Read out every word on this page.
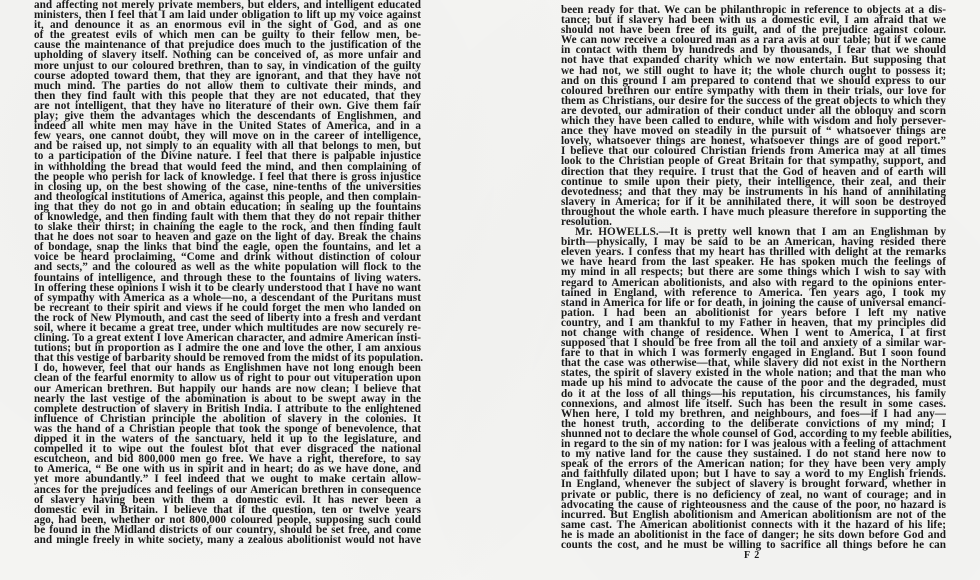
and affecting not merely private members, but elders, and intelligent educated
ministers, then I feel that I am laid under obligation to lift up my voice against
it, and denounce it as an enormous evil in the sight of God, and as one
of the greatest evils of which men can be guilty to their fellow men, be-
cause the maintenance of that prejudice does much to the justification of the
upholding of slavery itself. Nothing can be conceived of, as more unfair and
more unjust to our coloured brethren, than to say, in vindication of the guilty
course adopted toward them, that they are ignorant, and that they have not
much mind. The parties do not allow them to cultivate their minds, and
then they find fault with this people that they are not educated, that they
are not intelligent, that they have no literature of their own. Give them fair
play; give them the advantages which the descendants of Englishmen, and
indeed all white men may have in the United States of America, and in a
few years, one cannot doubt, they will move on in the career of intelligence,
and be raised up, not simply to an equality with all that belongs to men, but
to a participation of the Divine nature. I feel that there is palpable injustice
in withholding the bread that would feed the mind, and then complaining of
the people who perish for lack of knowledge. I feel that there is gross injustice
in closing up, on the best showing of the case, nine-tenths of the universities
and theological institutions of America, against this people, and then complain-
ing that they do not go in and obtain education; in sealing up the fountains
of knowledge, and then finding fault with them that they do not repair thither
to slake their thirst; in chaining the eagle to the rock, and then finding fault
that he does not soar to heaven and gaze on the light of day. Break the chains
of bondage, snap the links that bind the eagle, open the fountains, and let a
voice be heard proclaiming, “Come and drink without distinction of colour
and sects,” and the coloured as well as the white population will flock to the
fountains of intelligence, and through these to the fountains of living waters.
In offering these opinions I wish it to be clearly understood that I have no want
of sympathy with America as a whole—no, a descendant of the Puritans must
be recreant to their spirit and views if he could forget the men who landed on
the rock of New Plymouth, and cast the seed of liberty into a fresh and verdant
soil, where it became a great tree, under which multitudes are now securely re-
clining. To a great extent I love American character, and admire American insti-
tutions; but in proportion as I admire the one and love the other, I am anxious
that this vestige of barbarity should be removed from the midst of its population.
I do, however, feel that our hands as Englishmen have not long enough been
clean of the fearful enormity to allow us of right to pour out vituperation upon
our American brethren. But happily our hands are now clean; I believe that
nearly the last vestige of the abomination is about to be swept away in the
complete destruction of slavery in British India. I attribute to the enlightened
influence of Christian principle the abolition of slavery in the colonies. It
was the hand of a Christian people that took the sponge of benevolence, that
dipped it in the waters of the sanctuary, held it up to the legislature, and
compelled it to wipe out the foulest blot that ever disgraced the national
escutcheon, and bid 800,000 men go free. We have a right, therefore, to say
to America, “ Be one with us in spirit and in heart; do as we have done, and
yet more abundantly.” I feel indeed that we ought to make certain allow-
ances for the prejudices and feelings of our American brethren in consequence
of slavery having been with them a domestic evil. It has never been a
domestic evil in Britain. I believe that if the question, ten or twelve years
ago, had been, whether or not 800,000 coloured people, supposing such could
be found in the Midland districts of our country, should be set free, and come
and mingle freely in white society, many a zealous abolitionist would not have
been ready for that. We can be philanthropic in reference to objects at a dis-
tance; but if slavery had been with us a domestic evil, I am afraid that we
should not have been free of its guilt, and of the prejudice against colour.
We can now receive a coloured man as a rara avis at our table; but if we came
in contact with them by hundreds and by thousands, I fear that we should
not have that expanded charity which we now entertain. But supposing that
we had not, we still ought to have it; the whole church ought to possess it;
and on this ground I am prepared to contend that we should express to our
coloured brethren our entire sympathy with them in their trials, our love for
them as Christians, our desire for the success of the great objects to which they
are devoted, our admiration of their conduct under all the obloquy and scorn
which they have been called to endure, while with wisdom and holy persever-
ance they have moved on steadily in the pursuit of “ whatsoever things are
lovely, whatsoever things are honest, whatsoever things are of good report.”
I believe that our coloured Christian friends from America may at all times
look to the Christian people of Great Britain for that sympathy, support, and
direction that they require. I trust that the God of heaven and of earth will
continue to smile upon their piety, their intelligence, their zeal, and their
devotedness; and that they may be instruments in his hand of annihilating
slavery in America; for if it be annihilated there, it will soon be destroyed
throughout the whole earth. I have much pleasure therefore in supporting the
resolution.
Mr. HOWELLS.—It is pretty well known that I am an Englishman by
birth—physically, I may be said to be an American, having resided there
eleven years. I confess that my heart has thrilled with delight at the remarks
we have heard from the last speaker. He has spoken much the feelings of
my mind in all respects; but there are some things which I wish to say with
regard to American abolitionists, and also with regard to the opinions enter-
tained in England, with reference to America. Ten years ago, I took my
stand in America for life or for death, in joining the cause of universal emanci-
pation. I had been an abolitionist for years before I left my native
country, and I am thankful to my Father in heaven, that my principles did
not change with change of residence. When I went to America, I at first
supposed that I should be free from all the toil and anxiety of a similar war-
fare to that in which I was formerly engaged in England. But I soon found
that the case was otherwise—that, while slavery did not exist in the Northern
states, the spirit of slavery existed in the whole nation; and that the man who
made up his mind to advocate the cause of the poor and the degraded, must
do it at the loss of all things—his reputation, his circumstances, his family
connexions, and almost life itself. Such has been the result in some cases.
When here, I told my brethren, and neighbours, and foes—if I had any—
the honest truth, according to the deliberate convictions of my mind; I
shunned not to declare the whole counsel of God, according to my feeble abilities,
in regard to the sin of my nation: for I was jealous with a feeling of attachment
to my native land for the cause they sustained. I do not stand here now to
speak of the errors of the American nation; for they have been very amply
and faithfully dilated upon; but I have to say a word to my English friends.
In England, whenever the subject of slavery is brought forward, whether in
private or public, there is no deficiency of zeal, no want of courage; and in
advocating the cause of righteousness and the cause of the poor, no hazard is
incurred. But English abolitionism and American abolitionism are not of the
same cast. The American abolitionist connects with it the hazard of his life;
he is made an abolitionist in the face of danger; he sits down before God and
counts the cost, and he must be willing to sacrifice all things before he can
F 2
